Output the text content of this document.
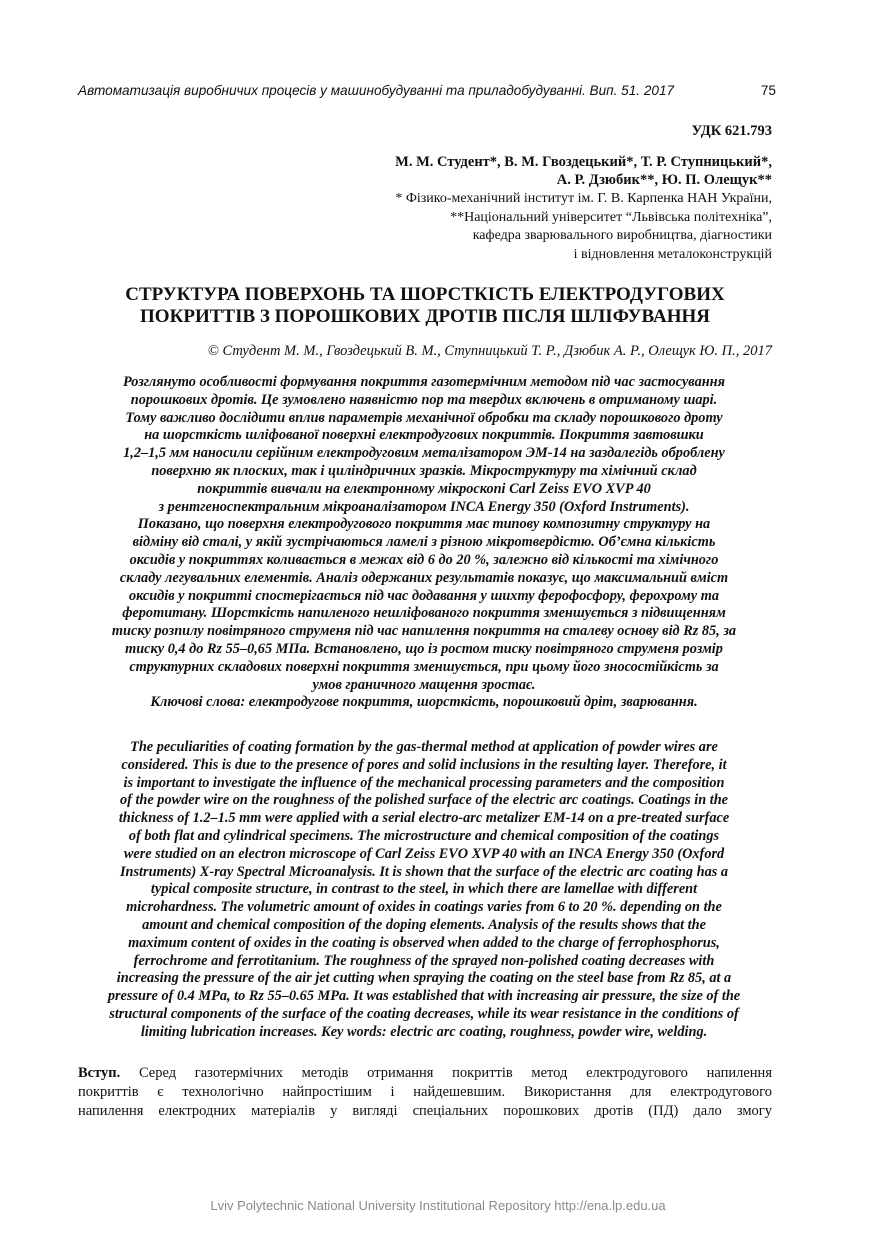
Автоматизація виробничих процесів у машинобудуванні та приладобудуванні. Вип. 51. 2017	75
УДК 621.793
М. М. Студент*, В. М. Гвоздецький*, Т. Р. Ступницький*,
А. Р. Дзюбик**, Ю. П. Олещук**
* Фізико-механічний інститут ім. Г. В. Карпенка НАН України,
**Національний університет “Львівська політехніка”,
кафедра зварювального виробництва, діагностики
і відновлення металоконструкцій
СТРУКТУРА ПОВЕРХОНЬ ТА ШОРСТКІСТЬ ЕЛЕКТРОДУГОВИХ
ПОКРИТТІВ З ПОРОШКОВИХ ДРОТІВ ПІСЛЯ ШЛІФУВАННЯ
© Студент М. М., Гвоздецький В. М., Ступницький Т. Р., Дзюбик А. Р., Олещук Ю. П., 2017
Розглянуто особливості формування покриття газотермічним методом під час застосування
порошкових дротів. Це зумовлено наявністю пор та твердих включень в отриманому шарі.
Тому важливо дослідити вплив параметрів механічної обробки та складу порошкового дроту
на шорсткість шліфованої поверхні електродугових покриттів. Покриття завтовшки
1,2–1,5 мм наносили серійним електродуговим металізатором ЭМ-14 на заздалегідь оброблену
поверхню як плоских, так і циліндричних зразків. Мікроструктуру та хімічний склад
покриттів вивчали на електронному мікроскопі Carl Zeiss EVO XVP 40
з рентгеноспектральним мікроаналізатором INCA Energy 350 (Oxford Instruments).
Показано, що поверхня електродугового покриття має типову композитну структуру на
відміну від сталі, у якій зустрічаються ламелі з різною мікротвердістю. Об’ємна кількість
оксидів у покриттях коливається в межах від 6 до 20 %, залежно від кількості та хімічного
складу легувальних елементів. Аналіз одержаних результатів показує, що максимальний вміст
оксидів у покритті спостерігається під час додавання у шихту ферофосфору, ферохрому та
феротитану. Шорсткість напиленого нешліфованого покриття зменшується з підвищенням
тиску розпилу повітряного струменя під час напилення покриття на сталеву основу від Rz 85, за
тиску 0,4 до Rz 55–0,65 МПа. Встановлено, що із ростом тиску повітряного струменя розмір
структурних складових поверхні покриття зменшується, при цьому його зносостійкість за
умов граничного мащення зростає.
Ключові слова: електродугове покриття, шорсткість, порошковий дріт, зварювання.
The peculiarities of coating formation by the gas-thermal method at application of powder wires are
considered. This is due to the presence of pores and solid inclusions in the resulting layer. Therefore, it
is important to investigate the influence of the mechanical processing parameters and the composition
of the powder wire on the roughness of the polished surface of the electric arc coatings. Coatings in the
thickness of 1.2–1.5 mm were applied with a serial electro-arc metalizer EM-14 on a pre-treated surface
of both flat and cylindrical specimens. The microstructure and chemical composition of the coatings
were studied on an electron microscope of Carl Zeiss EVO XVP 40 with an INCA Energy 350 (Oxford
Instruments) X-ray Spectral Microanalysis. It is shown that the surface of the electric arc coating has a
typical composite structure, in contrast to the steel, in which there are lamellae with different
microhardness. The volumetric amount of oxides in coatings varies from 6 to 20 %. depending on the
amount and chemical composition of the doping elements. Analysis of the results shows that the
maximum content of oxides in the coating is observed when added to the charge of ferrophosphorus,
ferrochrome and ferrotitanium. The roughness of the sprayed non-polished coating decreases with
increasing the pressure of the air jet cutting when spraying the coating on the steel base from Rz 85, at a
pressure of 0.4 MPa, to Rz 55–0.65 MPa. It was established that with increasing air pressure, the size of the
structural components of the surface of the coating decreases, while its wear resistance in the conditions of
limiting lubrication increases. Key words: electric arc coating, roughness, powder wire, welding.
Вступ. Серед газотермічних методів отримання покриттів метод електродугового напилення
покриттів є технологічно найпростішим і найдешевшим. Використання для електродугового
напилення електродних матеріалів у вигляді спеціальних порошкових дротів (ПД) дало змогу
Lviv Polytechnic National University Institutional Repository http://ena.lp.edu.ua
